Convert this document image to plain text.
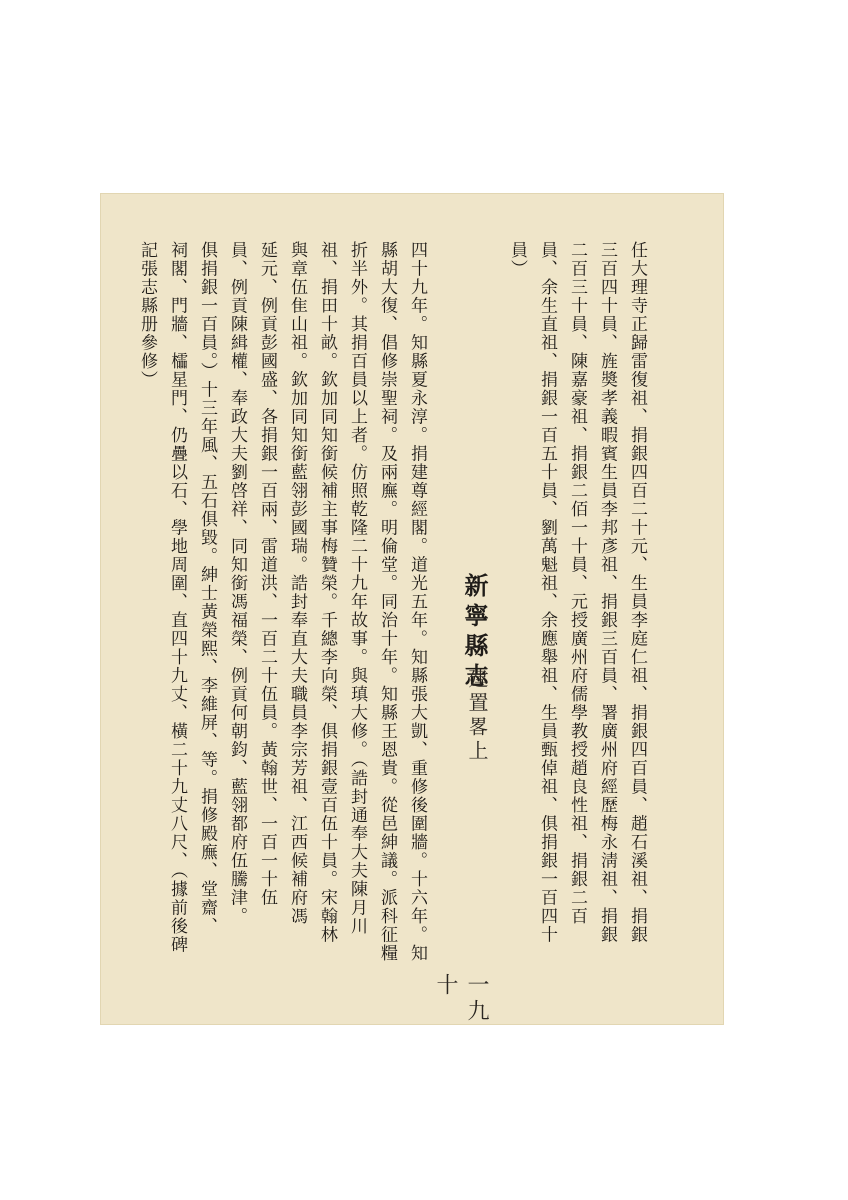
新寧縣志
建置畧上
一九十
任大理寺正歸雷復祖、捐銀四百二十元、生員李庭仁祖、捐銀四百員、趙石溪祖、捐銀
三百四十員、旌奬孝義暇賓生員李邦彥祖、捐銀三百員、署廣州府經歷梅永淸祖、捐銀
二百三十員、陳嘉豪祖、捐銀二佰一十員、元授廣州府儒學教授趙良性祖、捐銀二百
員、余生直祖、捐銀一百五十員、劉萬魁祖、余應舉祖、生員甄倬祖、俱捐銀一百四十
員）
四十九年。知縣夏永淳。捐建尊經閣。道光五年。知縣張大凱、重修後圍牆。十六年。知
縣胡大復、倡修崇聖祠。及兩廡。明倫堂。同治十年。知縣王恩貴。從邑紳議。派科征糧
折半外。其捐百員以上者。仿照乾隆二十九年故事。與瑱大修。（誥封通奉大夫陳月川
祖、捐田十畝。欽加同知銜候補主事梅贊榮。千總李向榮、俱捐銀壹百伍十員。宋翰林
與章伍隹山祖。欽加同知銜藍翎彭國瑞。誥封奉直大夫職員李宗芳祖、江西候補府馮
延元、例貢彭國盛、各捐銀一百兩、雷道洪、一百二十伍員。黃翰世、一百一十伍
員、例貢陳緝權、奉政大夫劉啓祥、同知銜馮福榮、例貢何朝鈞、藍翎都府伍騰津。
俱捐銀一百員。）十三年風、五石俱毀。紳士黃榮熙、李維屏、等。捐修殿廡、堂齋、
祠閣、門牆、櫺星門、仍疊以石、學地周圍、直四十九丈、橫二十九丈八尺、（據前後碑
記張志縣册參修）
